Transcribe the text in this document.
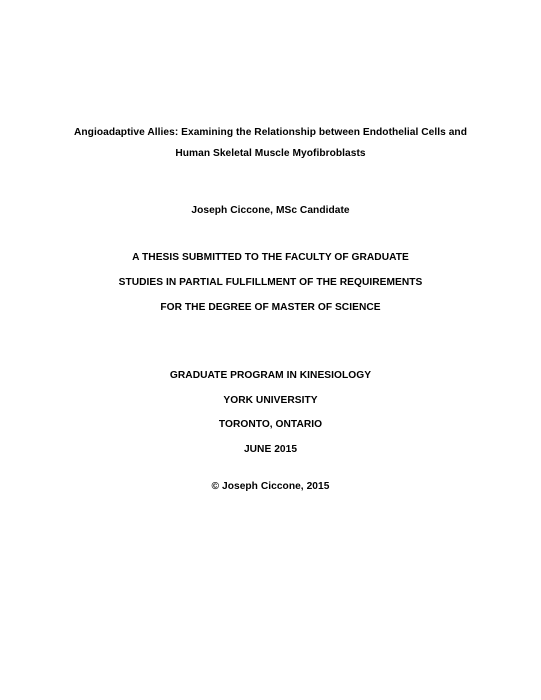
Angioadaptive Allies: Examining the Relationship between Endothelial Cells and
Human Skeletal Muscle Myofibroblasts
Joseph Ciccone, MSc Candidate
A THESIS SUBMITTED TO THE FACULTY OF GRADUATE
STUDIES IN PARTIAL FULFILLMENT OF THE REQUIREMENTS
FOR THE DEGREE OF MASTER OF SCIENCE
GRADUATE PROGRAM IN KINESIOLOGY
YORK UNIVERSITY
TORONTO, ONTARIO
JUNE 2015
© Joseph Ciccone, 2015
